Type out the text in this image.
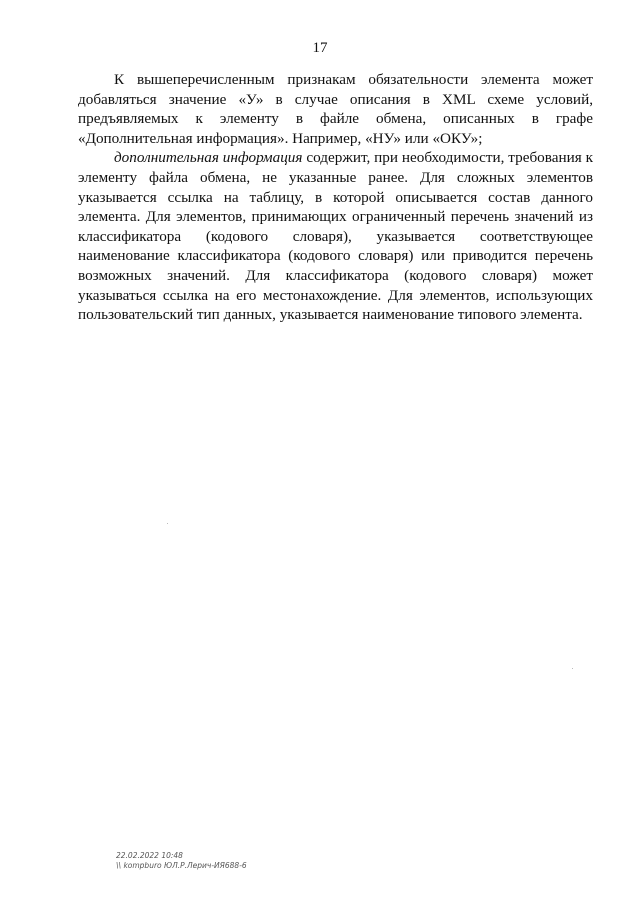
17

К вышеперечисленным признакам обязательности элемента может добавляться значение «У» в случае описания в XML схеме условий, предъявляемых к элементу в файле обмена, описанных в графе «Дополнительная информация». Например, «НУ» или «ОКУ»;

дополнительная информация содержит, при необходимости, требования к элементу файла обмена, не указанные ранее. Для сложных элементов указывается ссылка на таблицу, в которой описывается состав данного элемента. Для элементов, принимающих ограниченный перечень значений из классификатора (кодового словаря), указывается соответствующее наименование классификатора (кодового словаря) или приводится перечень возможных значений. Для классификатора (кодового словаря) может указываться ссылка на его местонахождение. Для элементов, использующих пользовательский тип данных, указывается наименование типового элемента.

22.02.2022 10:48
\\ kompburo ЮЛ.Р.Лерич-ИЯ688-6
